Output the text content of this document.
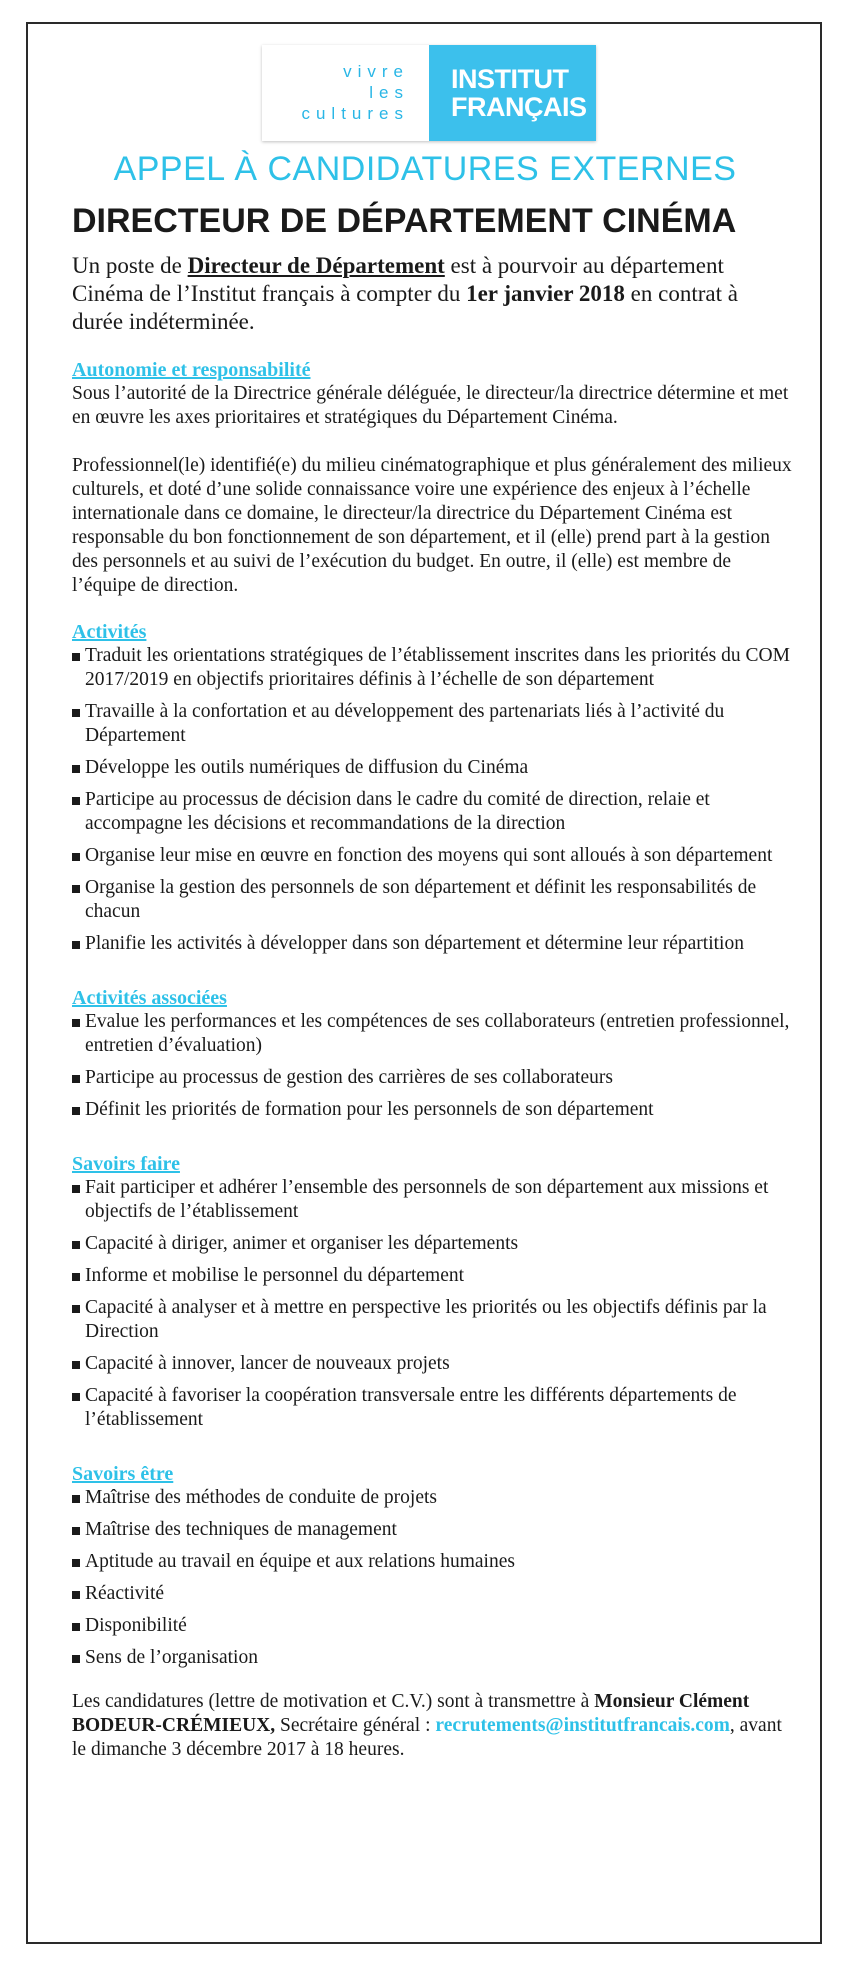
vivre
les
cultures
INSTITUT
FRANÇAIS
APPEL À CANDIDATURES EXTERNES
DIRECTEUR DE DÉPARTEMENT CINÉMA
Un poste de Directeur de Département est à pourvoir au département Cinéma de l’Institut français à compter du 1er janvier 2018 en contrat à durée indéterminée.

Autonomie et responsabilité

Sous l’autorité de la Directrice générale déléguée, le directeur/la directrice détermine et met en œuvre les axes prioritaires et stratégiques du Département Cinéma.

Professionnel(le) identifié(e) du milieu cinématographique et plus généralement des milieux culturels, et doté d’une solide connaissance voire une expérience des enjeux à l’échelle internationale dans ce domaine, le directeur/la directrice du Département Cinéma est responsable du bon fonctionnement de son département, et il (elle) prend part à la gestion des personnels et au suivi de l’exécution du budget. En outre, il (elle) est membre de l’équipe de direction.

Activités

Traduit les orientations stratégiques de l’établissement inscrites dans les priorités du COM 2017/2019 en objectifs prioritaires définis à l’échelle de son département
Travaille à la confortation et au développement des partenariats liés à l’activité du Département
Développe les outils numériques de diffusion du Cinéma
Participe au processus de décision dans le cadre du comité de direction, relaie et accompagne les décisions et recommandations de la direction
Organise leur mise en œuvre en fonction des moyens qui sont alloués à son département
Organise la gestion des personnels de son département et définit les responsabilités de chacun
Planifie les activités à développer dans son département et détermine leur répartition

Activités associées

Evalue les performances et les compétences de ses collaborateurs (entretien professionnel, entretien d’évaluation)
Participe au processus de gestion des carrières de ses collaborateurs
Définit les priorités de formation pour les personnels de son département

Savoirs faire

Fait participer et adhérer l’ensemble des personnels de son département aux missions et objectifs de l’établissement
Capacité à diriger, animer et organiser les départements
Informe et mobilise le personnel du département
Capacité à analyser et à mettre en perspective les priorités ou les objectifs définis par la Direction
Capacité à innover, lancer de nouveaux projets
Capacité à favoriser la coopération transversale entre les différents départements de l’établissement

Savoirs être

Maîtrise des méthodes de conduite de projets
Maîtrise des techniques de management
Aptitude au travail en équipe et aux relations humaines
Réactivité
Disponibilité
Sens de l’organisation

Les candidatures (lettre de motivation et C.V.) sont à transmettre à Monsieur Clément BODEUR-CRÉMIEUX, Secrétaire général : recrutements@institutfrancais.com, avant le dimanche 3 décembre 2017 à 18 heures.
